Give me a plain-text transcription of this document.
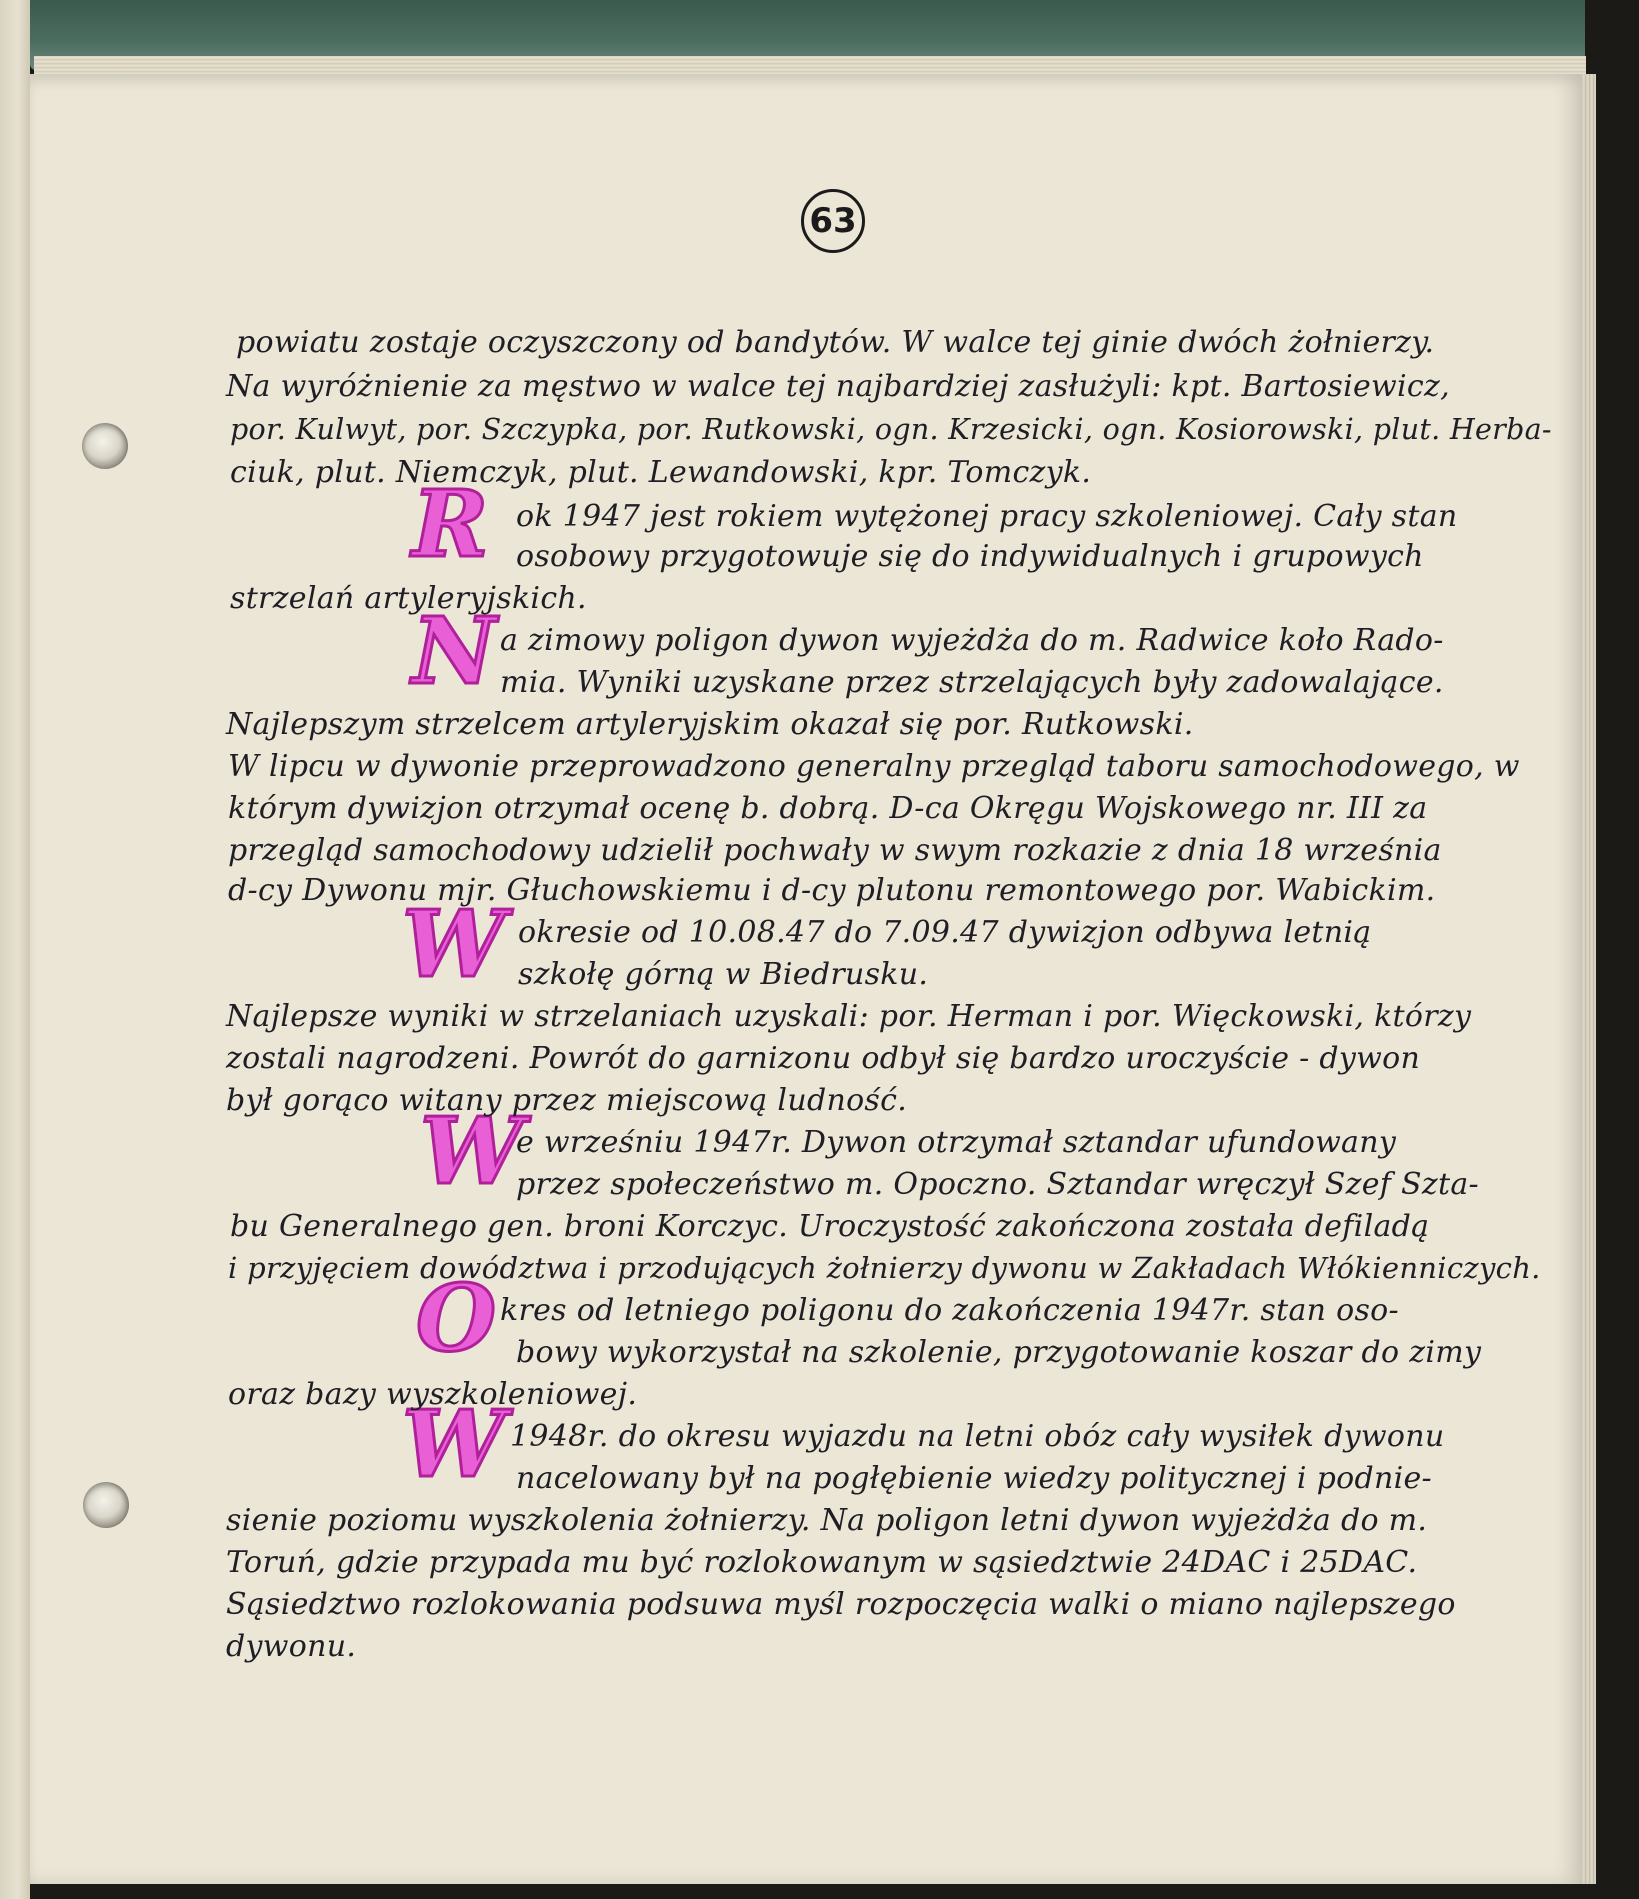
63
R
N
W
W
O
W
powiatu zostaje oczyszczony od bandytów. W walce tej ginie dwóch żołnierzy.
Na wyróżnienie za męstwo w walce tej najbardziej zasłużyli: kpt. Bartosiewicz,
por. Kulwyt, por. Szczypka, por. Rutkowski, ogn. Krzesicki, ogn. Kosiorowski, plut. Herba-
ciuk, plut. Niemczyk, plut. Lewandowski, kpr. Tomczyk.
ok 1947 jest rokiem wytężonej pracy szkoleniowej. Cały stan
osobowy przygotowuje się do indywidualnych i grupowych
strzelań artyleryjskich.
a zimowy poligon dywon wyjeżdża do m. Radwice koło Rado-
mia. Wyniki uzyskane przez strzelających były zadowalające.
Najlepszym strzelcem artyleryjskim okazał się por. Rutkowski.
W lipcu w dywonie przeprowadzono generalny przegląd taboru samochodowego, w
którym dywizjon otrzymał ocenę b. dobrą. D-ca Okręgu Wojskowego nr. III za
przegląd samochodowy udzielił pochwały w swym rozkazie z dnia 18 września
d-cy Dywonu mjr. Głuchowskiemu i d-cy plutonu remontowego por. Wabickim.
okresie od 10.08.47 do 7.09.47 dywizjon odbywa letnią
szkołę górną w Biedrusku.
Najlepsze wyniki w strzelaniach uzyskali: por. Herman i por. Więckowski, którzy
zostali nagrodzeni. Powrót do garnizonu odbył się bardzo uroczyście - dywon
był gorąco witany przez miejscową ludność.
e wrześniu 1947r. Dywon otrzymał sztandar ufundowany
przez społeczeństwo m. Opoczno. Sztandar wręczył Szef Szta-
bu Generalnego gen. broni Korczyc. Uroczystość zakończona została defiladą
i przyjęciem dowództwa i przodujących żołnierzy dywonu w Zakładach Włókienniczych.
kres od letniego poligonu do zakończenia 1947r. stan oso-
bowy wykorzystał na szkolenie, przygotowanie koszar do zimy
oraz bazy wyszkoleniowej.
1948r. do okresu wyjazdu na letni obóz cały wysiłek dywonu
nacelowany był na pogłębienie wiedzy politycznej i podnie-
sienie poziomu wyszkolenia żołnierzy. Na poligon letni dywon wyjeżdża do m.
Toruń, gdzie przypada mu być rozlokowanym w sąsiedztwie 24DAC i 25DAC.
Sąsiedztwo rozlokowania podsuwa myśl rozpoczęcia walki o miano najlepszego
dywonu.
